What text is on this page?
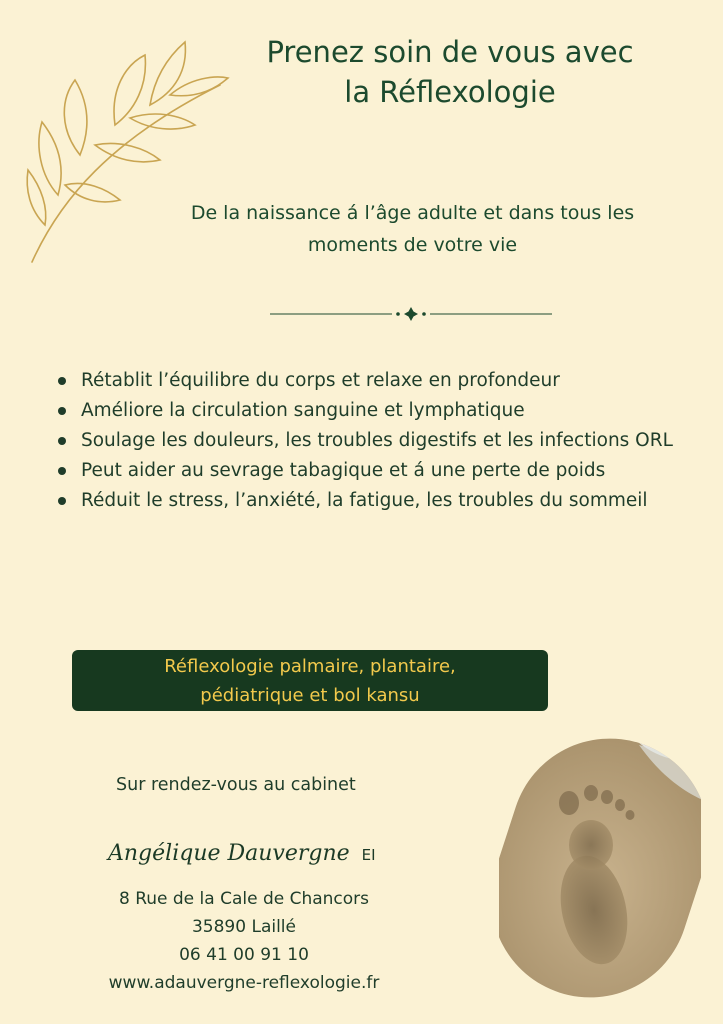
Prenez soin de vous avec
la Réflexologie
De la naissance á l’âge adulte et dans tous les
moments de votre vie
Rétablit l’équilibre du corps et relaxe en profondeur
Améliore la circulation sanguine et lymphatique
Soulage les douleurs, les troubles digestifs et les infections ORL
Peut aider au sevrage tabagique et á une perte de poids
Réduit le stress, l’anxiété, la fatigue, les troubles du sommeil
Réflexologie palmaire, plantaire,
pédiatrique et bol kansu
Sur rendez-vous au cabinet
Angélique Dauvergne EI
8 Rue de la Cale de Chancors
35890 Laillé
06 41 00 91 10
www.adauvergne-reflexologie.fr
